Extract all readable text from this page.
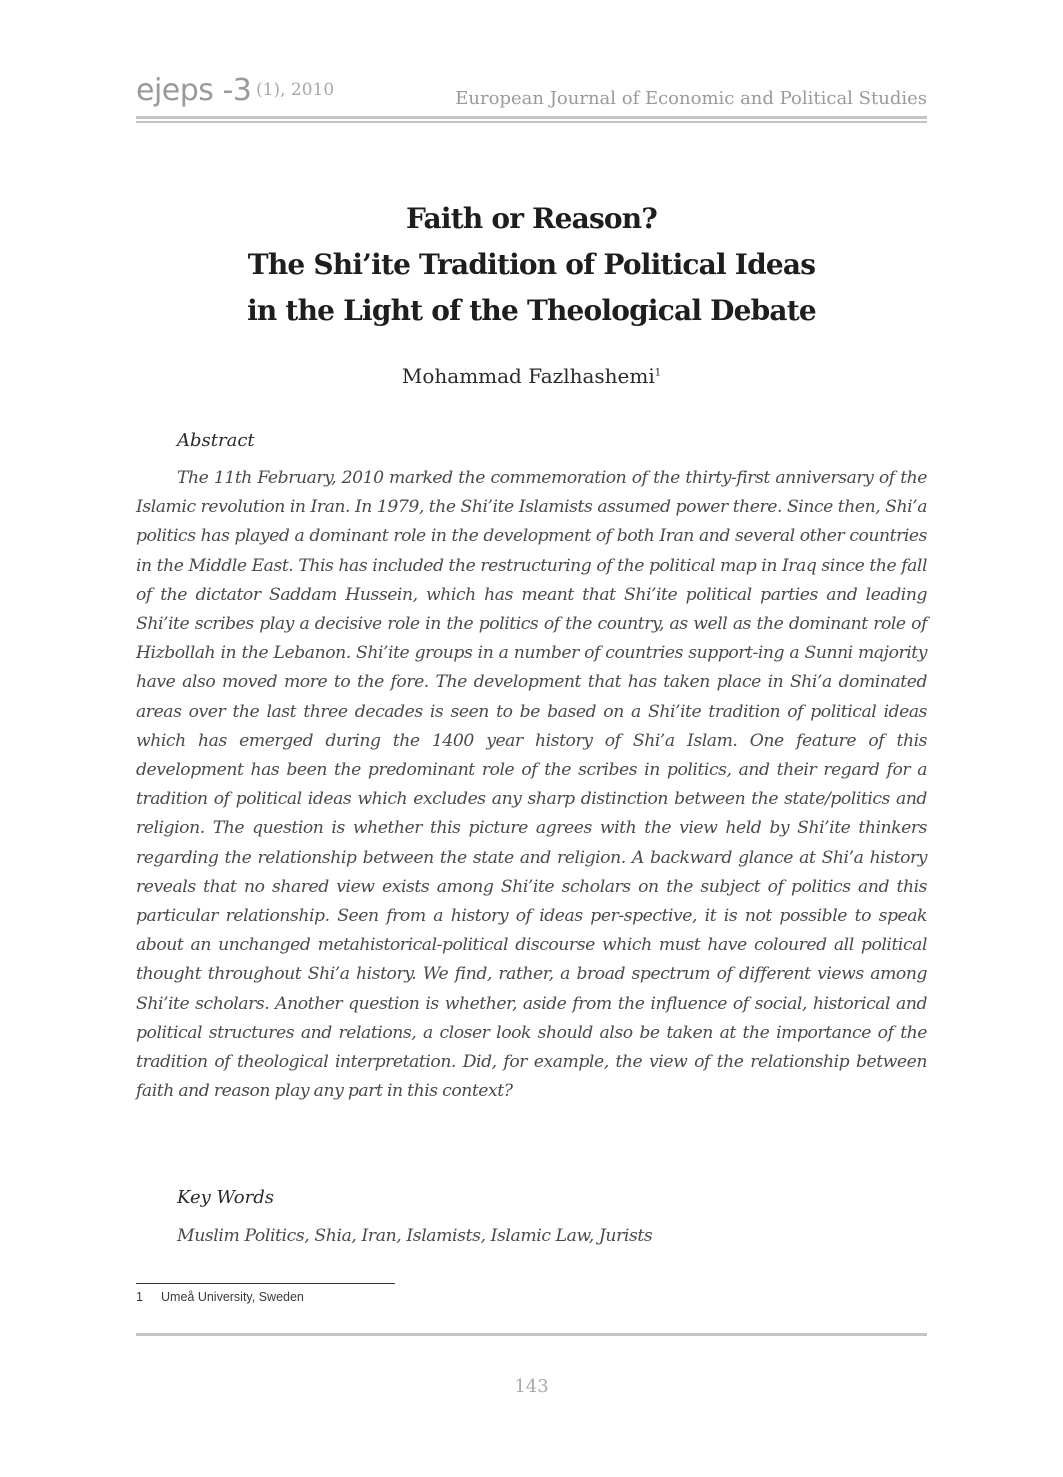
ejeps -3 (1), 2010	European Journal of Economic and Political Studies
Faith or Reason?
The Shi’ite Tradition of Political Ideas
in the Light of the Theological Debate
Mohammad Fazlhashemi$^1$
Abstract
The 11th February, 2010 marked the commemoration of the thirty-first anniversary of the Islamic revolution in Iran. In 1979, the Shi’ite Islamists assumed power there. Since then, Shi’a politics has played a dominant role in the development of both Iran and several other countries in the Middle East. This has included the restructuring of the political map in Iraq since the fall of the dictator Saddam Hussein, which has meant that Shi’ite political parties and leading Shi’ite scribes play a decisive role in the politics of the country, as well as the dominant role of Hizbollah in the Lebanon. Shi’ite groups in a number of countries support-ing a Sunni majority have also moved more to the fore. The development that has taken place in Shi’a dominated areas over the last three decades is seen to be based on a Shi’ite tradition of political ideas which has emerged during the 1400 year history of Shi’a Islam. One feature of this development has been the predominant role of the scribes in politics, and their regard for a tradition of political ideas which excludes any sharp distinction between the state/politics and religion. The question is whether this picture agrees with the view held by Shi’ite thinkers regarding the relationship between the state and religion. A backward glance at Shi’a history reveals that no shared view exists among Shi’ite scholars on the subject of politics and this particular relationship. Seen from a history of ideas per-spective, it is not possible to speak about an unchanged metahistorical-political discourse which must have coloured all political thought throughout Shi’a history. We find, rather, a broad spectrum of different views among Shi’ite scholars. Another question is whether, aside from the influence of social, historical and political structures and relations, a closer look should also be taken at the importance of the tradition of theological interpretation. Did, for example, the view of the relationship between faith and reason play any part in this context?
Key Words
Muslim Politics, Shia, Iran, Islamists, Islamic Law, Jurists
1 Umeå University, Sweden
143
